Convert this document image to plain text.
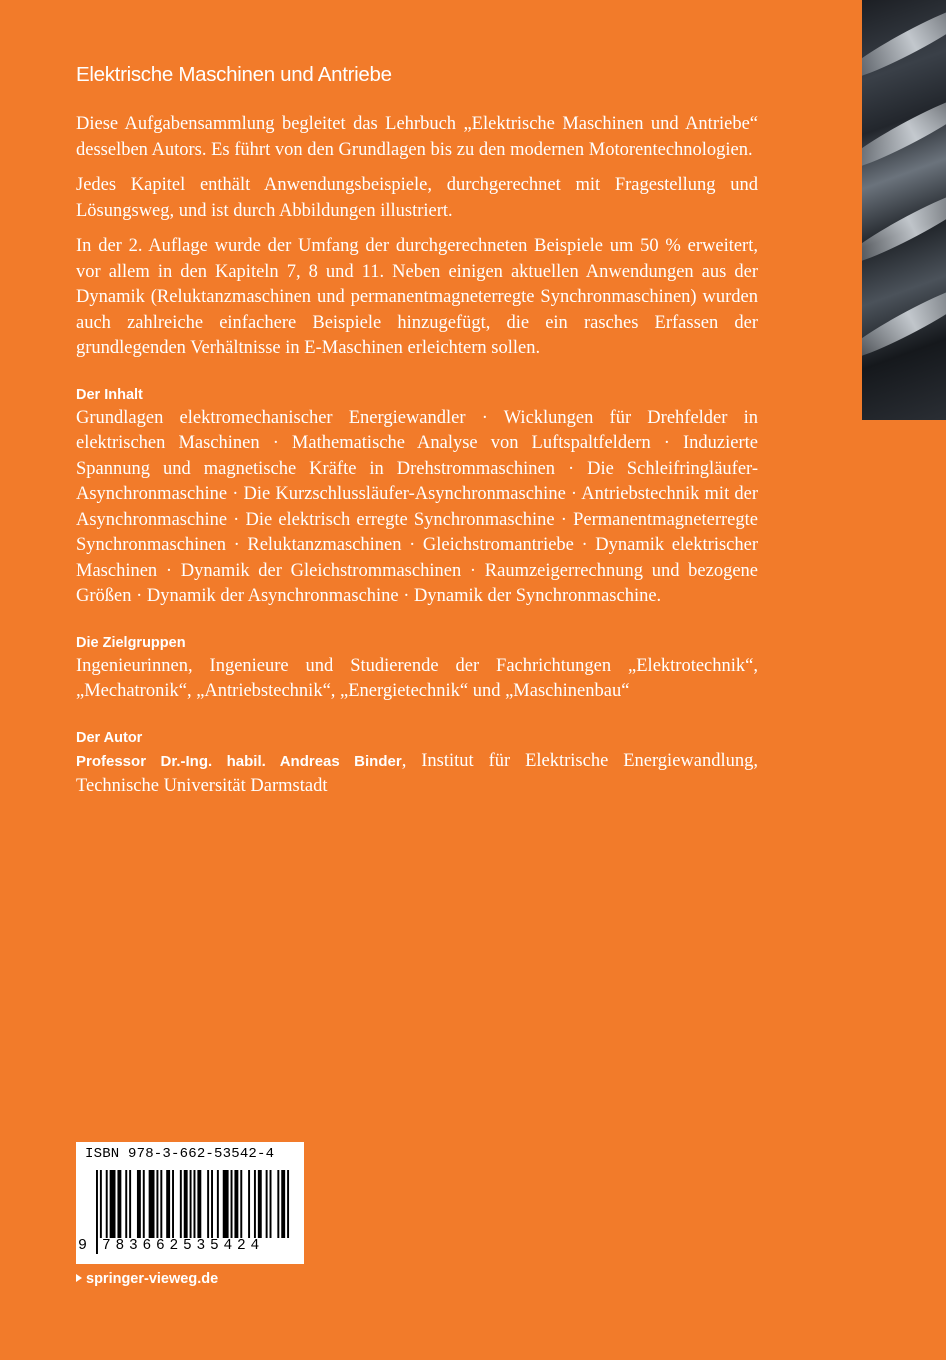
Elektrische Maschinen und Antriebe

Diese Aufgabensammlung begleitet das Lehrbuch „Elektrische Maschinen und Antriebe“ desselben Autors. Es führt von den Grundlagen bis zu den modernen Motorentechnologien.

Jedes Kapitel enthält Anwendungsbeispiele, durchgerechnet mit Fragestellung und Lösungsweg, und ist durch Abbildungen illustriert.

In der 2. Auflage wurde der Umfang der durchgerechneten Beispiele um 50 % erweitert, vor allem in den Kapiteln 7, 8 und 11. Neben einigen aktuellen Anwendungen aus der Dynamik (Reluktanzmaschinen und permanentmagneterregte Synchronmaschinen) wurden auch zahlreiche einfachere Beispiele hinzugefügt, die ein rasches Erfassen der grundlegenden Verhältnisse in E-Maschinen erleichtern sollen.

Der Inhalt

Grundlagen elektromechanischer Energiewandler · Wicklungen für Drehfelder in elektrischen Maschinen · Mathematische Analyse von Luftspaltfeldern · Induzierte Spannung und magnetische Kräfte in Drehstrommaschinen · Die Schleifringläufer-Asynchronmaschine · Die Kurzschlussläufer-Asynchronmaschine · Antriebstechnik mit der Asynchronmaschine · Die elektrisch erregte Synchronmaschine · Permanentmagneterregte Synchronmaschinen · Reluktanzmaschinen · Gleichstromantriebe · Dynamik elektrischer Maschinen · Dynamik der Gleichstrommaschinen · Raumzeigerrechnung und bezogene Größen · Dynamik der Asynchronmaschine · Dynamik der Synchronmaschine.

Die Zielgruppen

Ingenieurinnen, Ingenieure und Studierende der Fachrichtungen „Elektrotechnik“, „Mechatronik“, „Antriebstechnik“, „Energietechnik“ und „Maschinenbau“

Der Autor

Professor Dr.-Ing. habil. Andreas Binder, Institut für Elektrische Energiewandlung, Technische Universität Darmstadt

ISBN 978-3-662-53542-4
9 783662535424
springer-vieweg.de
